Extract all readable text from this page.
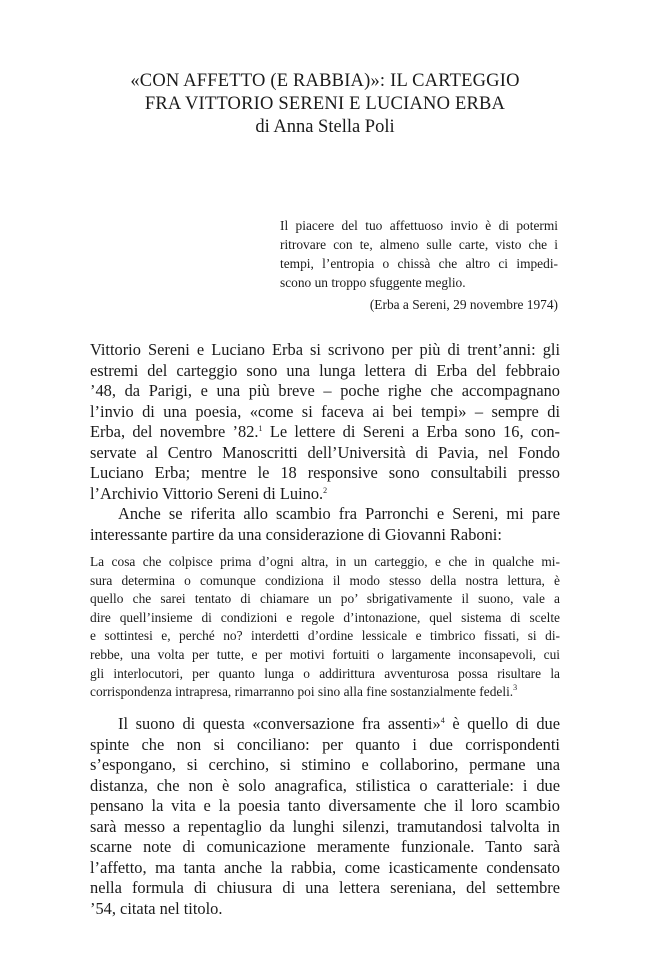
«CON AFFETTO (E RABBIA)»: IL CARTEGGIO
FRA VITTORIO SERENI E LUCIANO ERBA
di Anna Stella Poli
Il piacere del tuo affettuoso invio è di potermi
ritrovare con te, almeno sulle carte, visto che i
tempi, l’entropia o chissà che altro ci impedi-
scono un troppo sfuggente meglio.
(Erba a Sereni, 29 novembre 1974)
Vittorio Sereni e Luciano Erba si scrivono per più di trent’anni: gli
estremi del carteggio sono una lunga lettera di Erba del febbraio
’48, da Parigi, e una più breve – poche righe che accompagnano
l’invio di una poesia, «come si faceva ai bei tempi» – sempre di
Erba, del novembre ’82.$^1$ Le lettere di Sereni a Erba sono 16, con-
servate al Centro Manoscritti dell’Università di Pavia, nel Fondo
Luciano Erba; mentre le 18 responsive sono consultabili presso
l’Archivio Vittorio Sereni di Luino.$^2$
Anche se riferita allo scambio fra Parronchi e Sereni, mi pare
interessante partire da una considerazione di Giovanni Raboni:
La cosa che colpisce prima d’ogni altra, in un carteggio, e che in qualche mi-
sura determina o comunque condiziona il modo stesso della nostra lettura, è
quello che sarei tentato di chiamare un po’ sbrigativamente il suono, vale a
dire quell’insieme di condizioni e regole d’intonazione, quel sistema di scelte
e sottintesi e, perché no? interdetti d’ordine lessicale e timbrico fissati, si di-
rebbe, una volta per tutte, e per motivi fortuiti o largamente inconsapevoli, cui
gli interlocutori, per quanto lunga o addirittura avventurosa possa risultare la
corrispondenza intrapresa, rimarranno poi sino alla fine sostanzialmente fedeli.$^3$
Il suono di questa «conversazione fra assenti»$^4$ è quello di due
spinte che non si conciliano: per quanto i due corrispondenti
s’espongano, si cerchino, si stimino e collaborino, permane una
distanza, che non è solo anagrafica, stilistica o caratteriale: i due
pensano la vita e la poesia tanto diversamente che il loro scambio
sarà messo a repentaglio da lunghi silenzi, tramutandosi talvolta in
scarne note di comunicazione meramente funzionale. Tanto sarà
l’affetto, ma tanta anche la rabbia, come icasticamente condensato
nella formula di chiusura di una lettera sereniana, del settembre
’54, citata nel titolo.
